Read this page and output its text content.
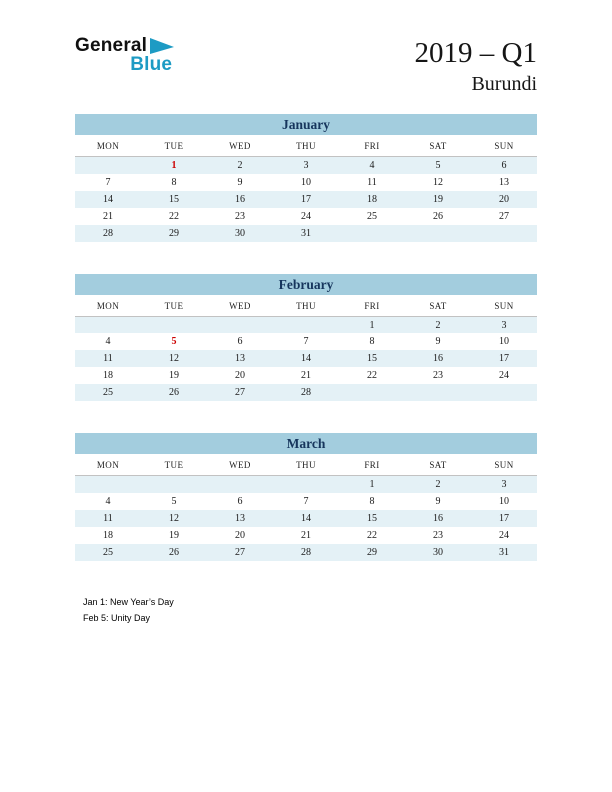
General
Blue	2019 – Q1
Burundi
January
MON	TUE	WED	THU	FRI	SAT	SUN
	1	2	3	4	5	6
7	8	9	10	11	12	13
14	15	16	17	18	19	20
21	22	23	24	25	26	27
28	29	30	31			
February
MON	TUE	WED	THU	FRI	SAT	SUN
				1	2	3
4	5	6	7	8	9	10
11	12	13	14	15	16	17
18	19	20	21	22	23	24
25	26	27	28			
March
MON	TUE	WED	THU	FRI	SAT	SUN
				1	2	3
4	5	6	7	8	9	10
11	12	13	14	15	16	17
18	19	20	21	22	23	24
25	26	27	28	29	30	31
Jan 1: New Year’s Day
Feb 5: Unity Day
